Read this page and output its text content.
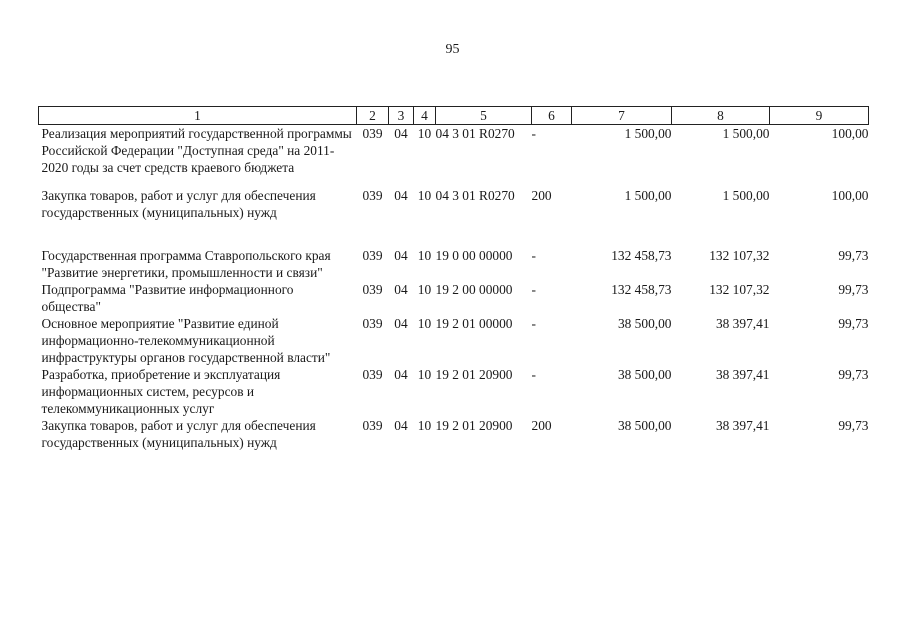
95
1	2	3	4	5	6	7	8	9
Реализация мероприятий государственной программы Российской Федерации "Доступная среда" на 2011-2020 годы за счет средств краевого бюджета	039	04	10	04 3 01 R0270	-	1 500,00	1 500,00	100,00
Закупка товаров, работ и услуг для обеспечения государственных (муниципальных) нужд	039	04	10	04 3 01 R0270	200	1 500,00	1 500,00	100,00
Государственная программа Ставропольского края "Развитие энергетики, промышленности и связи"	039	04	10	19 0 00 00000	-	132 458,73	132 107,32	99,73
Подпрограмма "Развитие информационного общества"	039	04	10	19 2 00 00000	-	132 458,73	132 107,32	99,73
Основное мероприятие "Развитие единой информационно-телекоммуникационной инфраструктуры органов государственной власти"	039	04	10	19 2 01 00000	-	38 500,00	38 397,41	99,73
Разработка, приобретение и эксплуатация информационных систем, ресурсов и телекоммуникационных услуг	039	04	10	19 2 01 20900	-	38 500,00	38 397,41	99,73
Закупка товаров, работ и услуг для обеспечения государственных (муниципальных) нужд	039	04	10	19 2 01 20900	200	38 500,00	38 397,41	99,73
